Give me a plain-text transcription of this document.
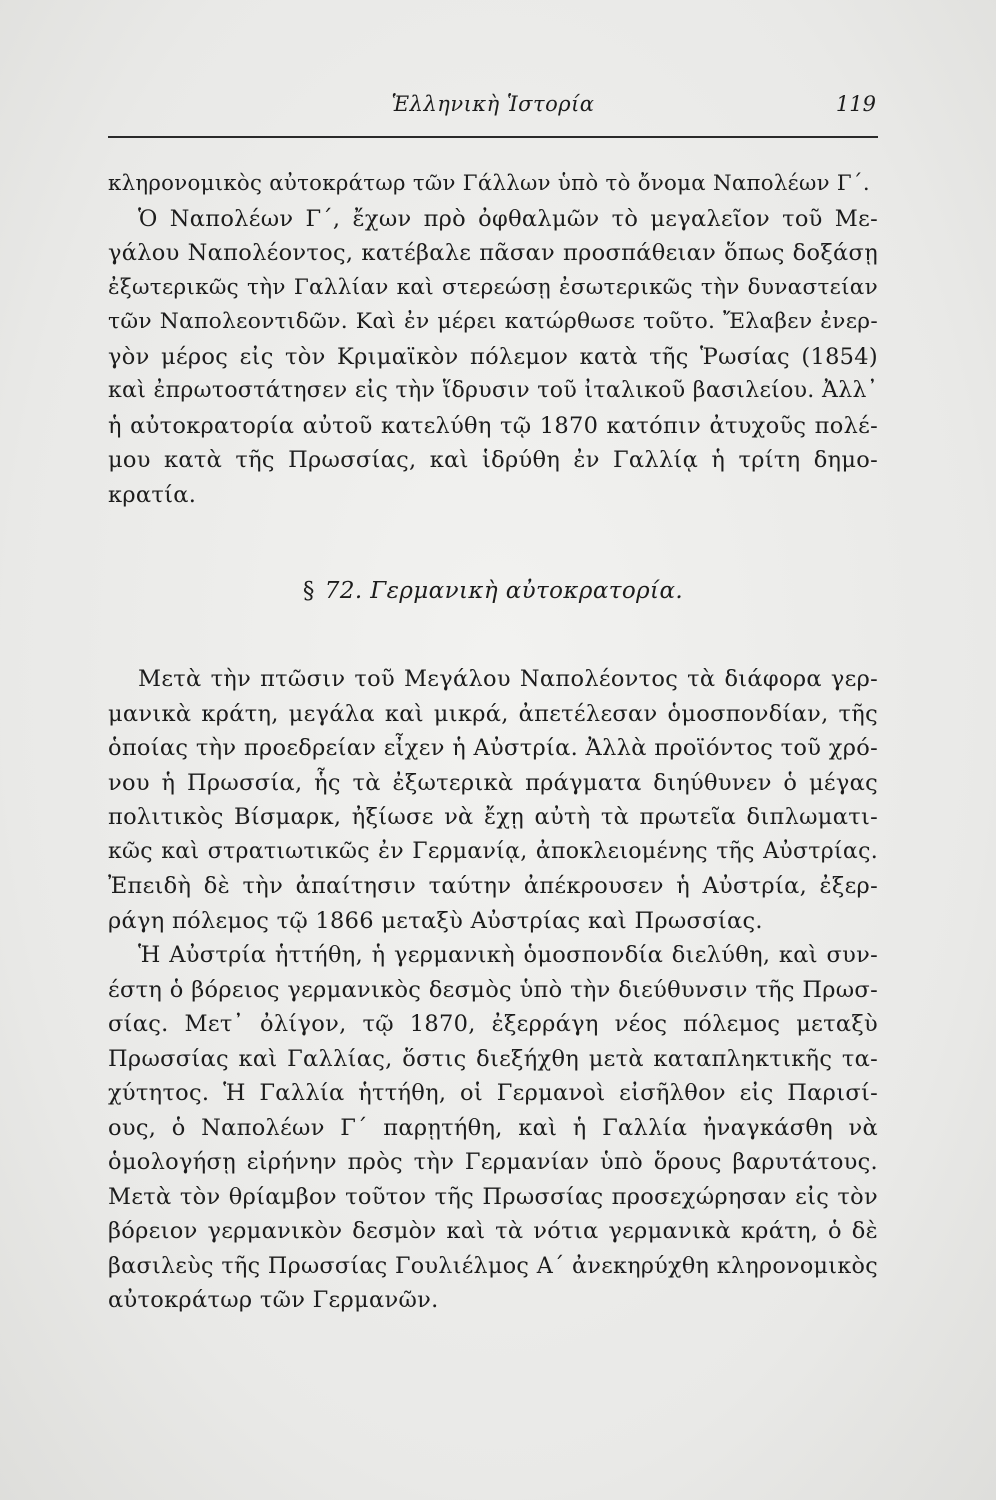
Ἑλληνικὴ Ἱστορία	119
κληρονομικὸς αὐτοκράτωρ τῶν Γάλλων ὑπὸ τὸ ὄνομα Ναπολέων Γ´.
Ὁ Ναπολέων Γ´, ἔχων πρὸ ὀφθαλμῶν τὸ μεγαλεῖον τοῦ Με-
γάλου Ναπολέοντος, κατέβαλε πᾶσαν προσπάθειαν ὅπως δοξάσῃ
ἐξωτερικῶς τὴν Γαλλίαν καὶ στερεώσῃ ἐσωτερικῶς τὴν δυναστείαν
τῶν Ναπολεοντιδῶν. Καὶ ἐν μέρει κατώρθωσε τοῦτο. Ἔλαβεν ἐνερ-
γὸν μέρος εἰς τὸν Κριμαϊκὸν πόλεμον κατὰ τῆς Ῥωσίας (1854)
καὶ ἐπρωτοστάτησεν εἰς τὴν ἵδρυσιν τοῦ ἰταλικοῦ βασιλείου. Ἀλλ᾽
ἡ αὐτοκρατορία αὐτοῦ κατελύθη τῷ 1870 κατόπιν ἀτυχοῦς πολέ-
μου κατὰ τῆς Πρωσσίας, καὶ ἱδρύθη ἐν Γαλλίᾳ ἡ τρίτη δημο-
κρατία.
§ 72. Γερμανικὴ αὐτοκρατορία.
Μετὰ τὴν πτῶσιν τοῦ Μεγάλου Ναπολέοντος τὰ διάφορα γερ-
μανικὰ κράτη, μεγάλα καὶ μικρά, ἀπετέλεσαν ὁμοσπονδίαν, τῆς
ὁποίας τὴν προεδρείαν εἶχεν ἡ Αὐστρία. Ἀλλὰ προϊόντος τοῦ χρό-
νου ἡ Πρωσσία, ἧς τὰ ἐξωτερικὰ πράγματα διηύθυνεν ὁ μέγας
πολιτικὸς Βίσμαρκ, ἠξίωσε νὰ ἔχῃ αὐτὴ τὰ πρωτεῖα διπλωματι-
κῶς καὶ στρατιωτικῶς ἐν Γερμανίᾳ, ἀποκλειομένης τῆς Αὐστρίας.
Ἐπειδὴ δὲ τὴν ἀπαίτησιν ταύτην ἀπέκρουσεν ἡ Αὐστρία, ἐξερ-
ράγη πόλεμος τῷ 1866 μεταξὺ Αὐστρίας καὶ Πρωσσίας.
Ἡ Αὐστρία ἡττήθη, ἡ γερμανικὴ ὁμοσπονδία διελύθη, καὶ συν-
έστη ὁ βόρειος γερμανικὸς δεσμὸς ὑπὸ τὴν διεύθυνσιν τῆς Πρωσ-
σίας. Μετ᾽ ὀλίγον, τῷ 1870, ἐξερράγη νέος πόλεμος μεταξὺ
Πρωσσίας καὶ Γαλλίας, ὅστις διεξήχθη μετὰ καταπληκτικῆς τα-
χύτητος. Ἡ Γαλλία ἡττήθη, οἱ Γερμανοὶ εἰσῆλθον εἰς Παρισί-
ους, ὁ Ναπολέων Γ´ παρῃτήθη, καὶ ἡ Γαλλία ἠναγκάσθη νὰ
ὁμολογήσῃ εἰρήνην πρὸς τὴν Γερμανίαν ὑπὸ ὅρους βαρυτάτους.
Μετὰ τὸν θρίαμβον τοῦτον τῆς Πρωσσίας προσεχώρησαν εἰς τὸν
βόρειον γερμανικὸν δεσμὸν καὶ τὰ νότια γερμανικὰ κράτη, ὁ δὲ
βασιλεὺς τῆς Πρωσσίας Γουλιέλμος Α´ ἀνεκηρύχθη κληρονομικὸς
αὐτοκράτωρ τῶν Γερμανῶν.
